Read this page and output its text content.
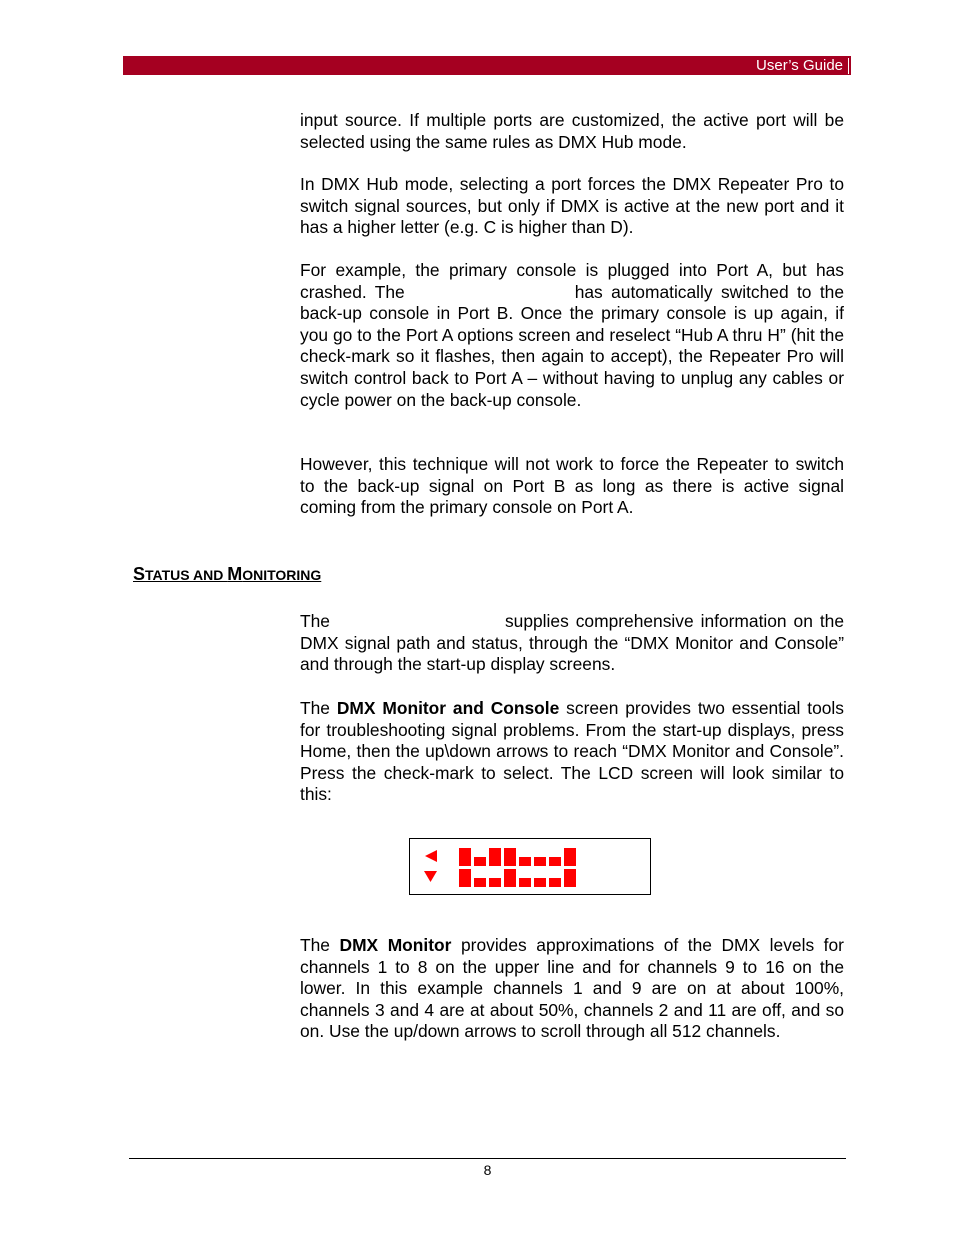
User’s Guide

input source. If multiple ports are customized, the active port will be selected using the same rules as DMX Hub mode.

In DMX Hub mode, selecting a port forces the DMX Repeater Pro to switch signal sources, but only if DMX is active at the new port and it has a higher letter (e.g. C is higher than D).

For example, the primary console is plugged into Port A, but has crashed. The	has automatically switched to the back-up console in Port B. Once the primary console is up again, if you go to the Port A options screen and reselect “Hub A thru H” (hit the check-mark so it flashes, then again to accept), the Repeater Pro will switch control back to Port A – without having to unplug any cables or cycle power on the back-up console.

However, this technique will not work to force the Repeater to switch to the back-up signal on Port B as long as there is active signal coming from the primary console on Port A.

STATUS AND MONITORING

The	supplies comprehensive information on the DMX signal path and status, through the “DMX Monitor and Console” and through the start-up display screens.

The DMX Monitor and Console screen provides two essential tools for troubleshooting signal problems. From the start-up displays, press Home, then the up\down arrows to reach “DMX Monitor and Console”. Press the check-mark to select. The LCD screen will look similar to this:

The DMX Monitor provides approximations of the DMX levels for channels 1 to 8 on the upper line and for channels 9 to 16 on the lower. In this example channels 1 and 9 are on at about 100%, channels 3 and 4 are at about 50%, channels 2 and 11 are off, and so on. Use the up/down arrows to scroll through all 512 channels.

8
